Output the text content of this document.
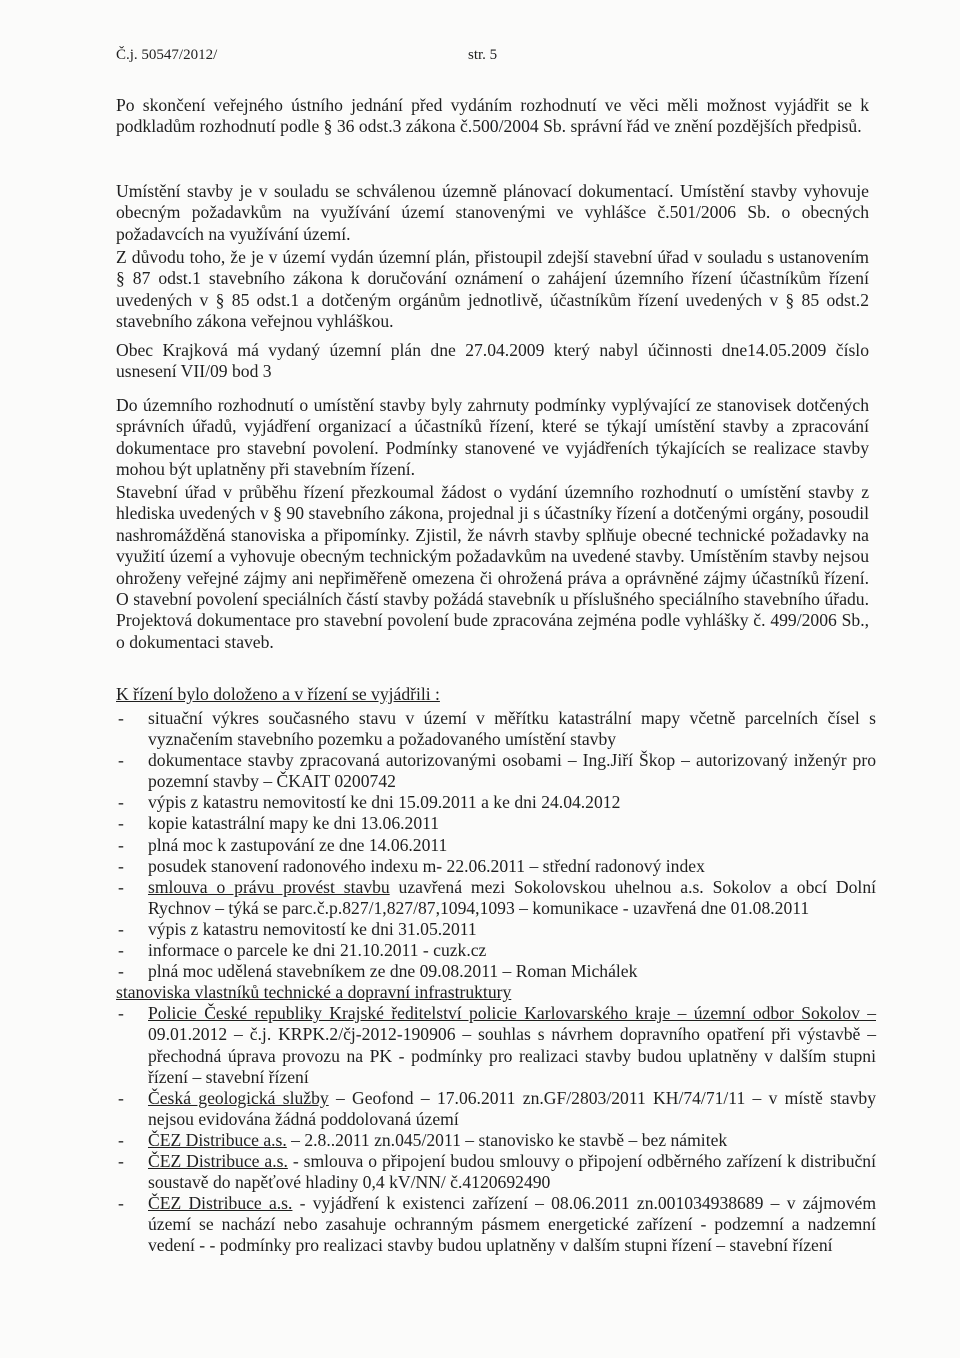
Č.j. 50547/2012/	str. 5

Po skončení veřejného ústního jednání před vydáním rozhodnutí ve věci měli možnost vyjádřit se k podkladům rozhodnutí podle § 36 odst.3 zákona č.500/2004 Sb. správní řád ve znění pozdějších předpisů.

Umístění stavby je v souladu se schválenou územně plánovací dokumentací. Umístění stavby vyhovuje obecným požadavkům na využívání území stanovenými ve vyhlášce č.501/2006 Sb. o obecných požadavcích na využívání území.

Z důvodu toho, že je v území vydán územní plán, přistoupil zdejší stavební úřad v souladu s ustanovením § 87 odst.1 stavebního zákona k doručování oznámení o zahájení územního řízení účastníkům řízení uvedených v § 85 odst.1 a dotčeným orgánům jednotlivě, účastníkům řízení uvedených v § 85 odst.2 stavebního zákona veřejnou vyhláškou.

Obec Krajková má vydaný územní plán dne 27.04.2009 který nabyl účinnosti dne14.05.2009 číslo usnesení VII/09 bod 3

Do územního rozhodnutí o umístění stavby byly zahrnuty podmínky vyplývající ze stanovisek dotčených správních úřadů, vyjádření organizací a účastníků řízení, které se týkají umístění stavby a zpracování dokumentace pro stavební povolení. Podmínky stanovené ve vyjádřeních týkajících se realizace stavby mohou být uplatněny při stavebním řízení.

Stavební úřad v průběhu řízení přezkoumal žádost o vydání územního rozhodnutí o umístění stavby z hlediska uvedených v § 90 stavebního zákona, projednal ji s účastníky řízení a dotčenými orgány, posoudil nashromážděná stanoviska a připomínky. Zjistil, že návrh stavby splňuje obecné technické požadavky na využití území a vyhovuje obecným technickým požadavkům na uvedené stavby. Umístěním stavby nejsou ohroženy veřejné zájmy ani nepřiměřeně omezena či ohrožená práva a oprávněné zájmy účastníků řízení. O stavební povolení speciálních částí stavby požádá stavebník u příslušného speciálního stavebního úřadu. Projektová dokumentace pro stavební povolení bude zpracována zejména podle vyhlášky č. 499/2006 Sb., o dokumentaci staveb.

K řízení bylo doloženo a v řízení se vyjádřili :
- situační výkres současného stavu v území v měřítku katastrální mapy včetně parcelních čísel s vyznačením stavebního pozemku a požadovaného umístění stavby
- dokumentace stavby zpracovaná autorizovanými osobami – Ing.Jiří Škop – autorizovaný inženýr pro pozemní stavby – ČKAIT 0200742
- výpis z katastru nemovitostí ke dni 15.09.2011 a ke dni 24.04.2012
- kopie katastrální mapy ke dni 13.06.2011
- plná moc k zastupování ze dne 14.06.2011
- posudek stanovení radonového indexu m- 22.06.2011 – střední radonový index
- smlouva o právu provést stavbu uzavřená mezi Sokolovskou uhelnou a.s. Sokolov a obcí Dolní Rychnov – týká se parc.č.p.827/1,827/87,1094,1093 – komunikace - uzavřená dne 01.08.2011
- výpis z katastru nemovitostí ke dni 31.05.2011
- informace o parcele ke dni 21.10.2011 - cuzk.cz
- plná moc udělená stavebníkem ze dne 09.08.2011 – Roman Michálek
stanoviska vlastníků technické a dopravní infrastruktury
- Policie České republiky Krajské ředitelství policie Karlovarského kraje – územní odbor Sokolov – 09.01.2012 – č.j. KRPK.2/čj-2012-190906 – souhlas s návrhem dopravního opatření při výstavbě – přechodná úprava provozu na PK - podmínky pro realizaci stavby budou uplatněny v dalším stupni řízení – stavební řízení
- Česká geologická služby – Geofond – 17.06.2011 zn.GF/2803/2011 KH/74/71/11 – v místě stavby nejsou evidována žádná poddolovaná území
- ČEZ Distribuce a.s. – 2.8..2011 zn.045/2011 – stanovisko ke stavbě – bez námitek
- ČEZ Distribuce a.s. - smlouva o připojení budou smlouvy o připojení odběrného zařízení k distribuční soustavě do napěťové hladiny 0,4 kV/NN/ č.4120692490
- ČEZ Distribuce a.s. - vyjádření k existenci zařízení – 08.06.2011 zn.001034938689 – v zájmovém území se nachází nebo zasahuje ochranným pásmem energetické zařízení - podzemní a nadzemní vedení - - podmínky pro realizaci stavby budou uplatněny v dalším stupni řízení – stavební řízení
